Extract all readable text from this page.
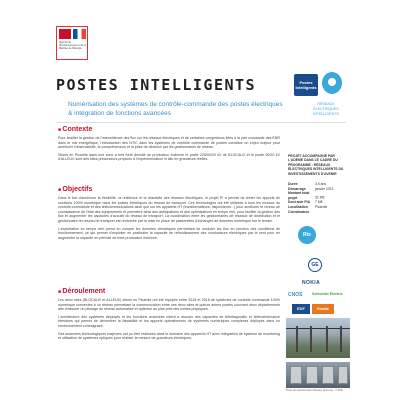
Agence de l'Environnement et de la Maîtrise de l'Énergie
POSTES INTELLIGENTS	Postes Intelligents
RÉSEAUX ÉLECTRIQUES
INTELLIGENTS
Numérisation des systèmes de contrôle-commande des postes électriques & intégration de fonctions avancées
■ Contexte
Pour faciliter la gestion de l'intermittence des flux sur les réseaux électriques et de certaines congestions liées à la part croissante des ENR dans le mix énergétique, l'introduction des NTIC dans les systèmes de contrôle commande de postes constitue un enjeu majeur pour améliorer l'observabilité, la compréhension et la prise de décision par les gestionnaires de réseau.
Situés en Picardie dans une zone à très forte densité de production éolienne le poste 225/90/20 kV de BLOCAUX et le poste 90/20 kV d'ALLEUX sont des sites précurseurs propices à l'expérimentation in situ en grandeurs réelles.
■ Objectifs
Dans le but d'améliorer la flexibilité, la résilience et la réactivité des réseaux électriques, le projet PI a permis de tester les apports de solutions 100% numérique dans les postes électriques du réseau de transport. Ces technologies ont été utilisées à tous les niveaux du contrôle-commande et des télécommunications ainsi que sur les appareils HT (transformateurs, disjoncteurs...) pour améliorer le niveau de connaissance de l'état des équipements et permettre ainsi des anticipations et des optimisations en temps réel, pour faciliter la gestion des flux et augmenter les capacités d'accueil du réseau de transport. La coordination entre les gestionnaires de réseaux de distribution et le gestionnaire du réseau de transport est renforcée par la mise en place de passerelles d'échanges de données numérique sur le terrain.
L'exploitation en temps réel prend en compte les données climatiques permettant de moduler les flux en fonction des conditions de fonctionnement, ce qui permet d'exploiter en particulier la capacité de refroidissement des conducteurs électriques par le vent pour en augmenter la capacité en période de forte production éolienne.
■ Déroulement
Les deux sites (BLOCAUX et ALLEUX) situés en Picardie ont été équipés entre 2015 et 2018 de systèmes de contrôle commande 100% numérique connectés à un réseau permettant la communication entre ces deux sites et quinze autres postes couvrant deux départements afin d'assurer un pilotage du réseau automatisé et optimisé au plus près des limites physiques.
L'architecture des systèmes déployés et les fonctions avancées visent à assurer des capacités de télédiagnostic et télémaintenance étendues qui permis de démontrer la faisabilité et les apports opérationnels de systèmes numériques complexes déployés dans un environnement contraignant.
Des avancées technologiques majeures ont pu être réalisées dans le domaine des appareils HT avec intégration de système de monitoring et utilisation de systèmes optiques pour réaliser la mesure de grandeurs électriques.
PROJET ACCOMPAGNÉ PAR L'ADEME DANS LE CADRE DU PROGRAMME : RÉSEAUX ÉLECTRIQUES INTELLIGENTS DU INVESTISSEMENTS D'AVENIR
Durée	3,5 ans
Démarrage	janvier 2013
Montant total projet	31 M€
Dont aide PIA 7 M€
Localisation Picardie
Coordinateur
Rte
GE
NOKIA
CNOS	Schneider Electric
EDF	Enedis
Poste de transformation Blocaux (Somme) - © RTE
